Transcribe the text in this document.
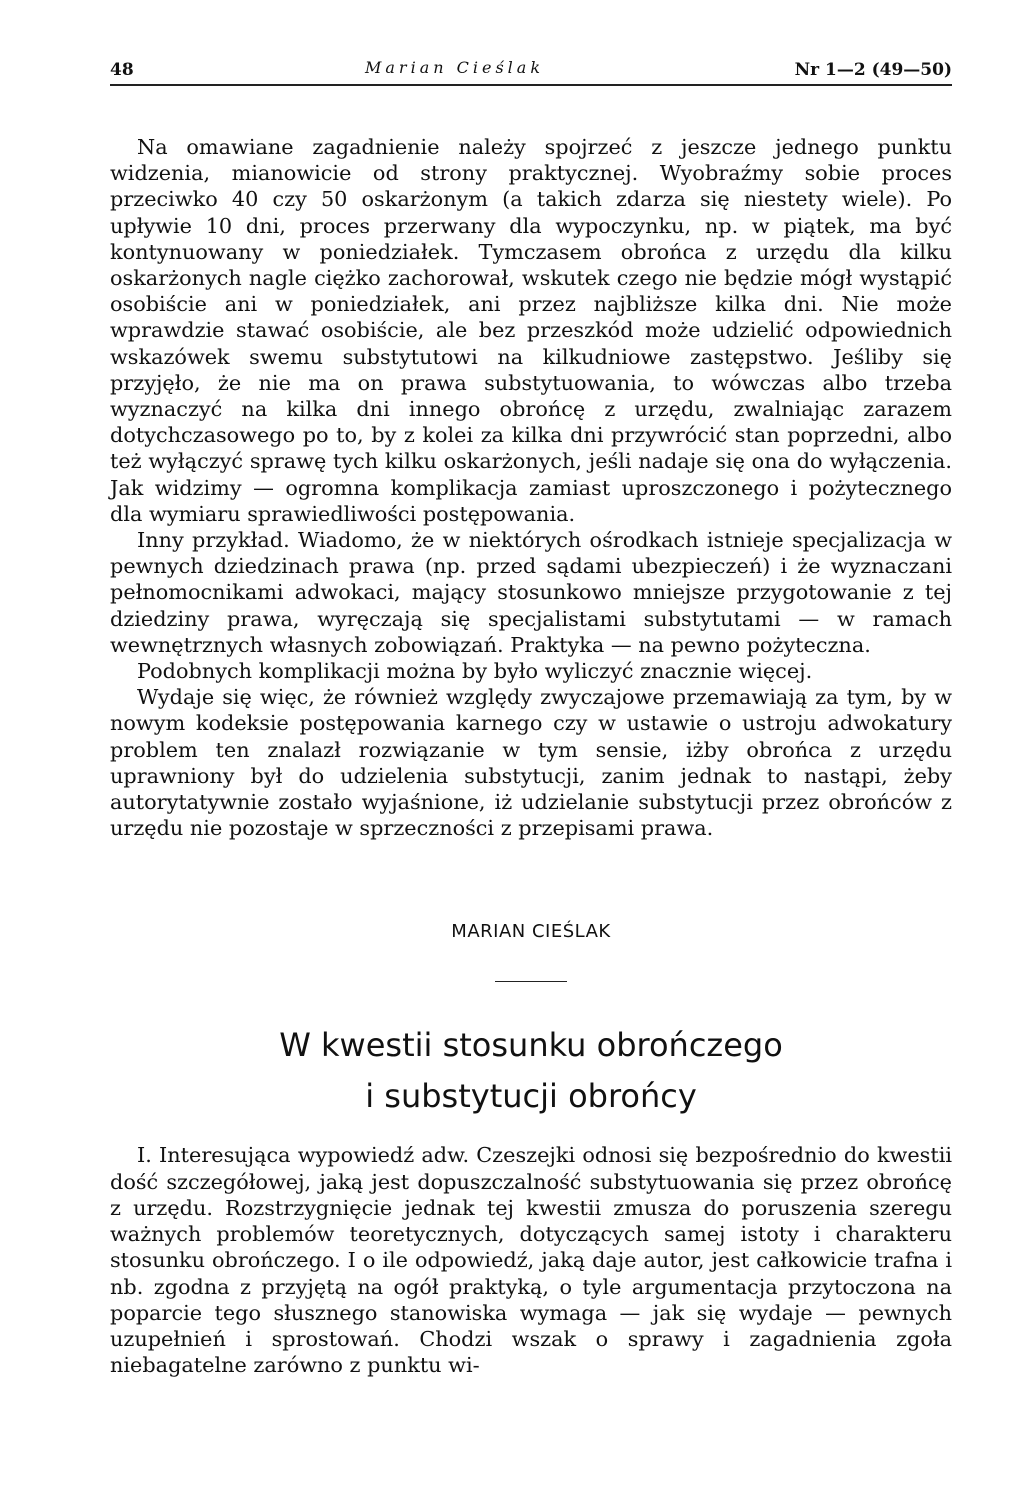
48	Marian Cieślak	Nr 1—2 (49—50)

Na omawiane zagadnienie należy spojrzeć z jeszcze jednego punktu widzenia, mianowicie od strony praktycznej. Wyobraźmy sobie proces przeciwko 40 czy 50 oskarżonym (a takich zdarza się niestety wiele). Po upływie 10 dni, proces przerwany dla wypoczynku, np. w piątek, ma być kontynuowany w poniedziałek. Tymczasem obrońca z urzędu dla kilku oskarżonych nagle ciężko zachorował, wskutek czego nie będzie mógł wystąpić osobiście ani w poniedziałek, ani przez najbliższe kilka dni. Nie może wprawdzie stawać osobiście, ale bez przeszkód może udzielić odpowiednich wskazówek swemu substytutowi na kilkudniowe zastępstwo. Jeśliby się przyjęło, że nie ma on prawa substytuowania, to wówczas albo trzeba wyznaczyć na kilka dni innego obrońcę z urzędu, zwalniając zarazem dotychczasowego po to, by z kolei za kilka dni przywrócić stan poprzedni, albo też wyłączyć sprawę tych kilku oskarżonych, jeśli nadaje się ona do wyłączenia. Jak widzimy — ogromna komplikacja zamiast uproszczonego i pożytecznego dla wymiaru sprawiedliwości postępowania.

Inny przykład. Wiadomo, że w niektórych ośrodkach istnieje specjalizacja w pewnych dziedzinach prawa (np. przed sądami ubezpieczeń) i że wyznaczani pełnomocnikami adwokaci, mający stosunkowo mniejsze przygotowanie z tej dziedziny prawa, wyręczają się specjalistami substytutami — w ramach wewnętrznych własnych zobowiązań. Praktyka — na pewno pożyteczna.

Podobnych komplikacji można by było wyliczyć znacznie więcej.

Wydaje się więc, że również względy zwyczajowe przemawiają za tym, by w nowym kodeksie postępowania karnego czy w ustawie o ustroju adwokatury problem ten znalazł rozwiązanie w tym sensie, iżby obrońca z urzędu uprawniony był do udzielenia substytucji, zanim jednak to nastąpi, żeby autorytatywnie zostało wyjaśnione, iż udzielanie substytucji przez obrońców z urzędu nie pozostaje w sprzeczności z przepisami prawa.

MARIAN CIEŚLAK
W kwestii stosunku obrończego
i substytucji obrońcy

I. Interesująca wypowiedź adw. Czeszejki odnosi się bezpośrednio do kwestii dość szczegółowej, jaką jest dopuszczalność substytuowania się przez obrońcę z urzędu. Rozstrzygnięcie jednak tej kwestii zmusza do poruszenia szeregu ważnych problemów teoretycznych, dotyczących samej istoty i charakteru stosunku obrończego. I o ile odpowiedź, jaką daje autor, jest całkowicie trafna i nb. zgodna z przyjętą na ogół praktyką, o tyle argumentacja przytoczona na poparcie tego słusznego stanowiska wymaga — jak się wydaje — pewnych uzupełnień i sprostowań. Chodzi wszak o sprawy i zagadnienia zgoła niebagatelne zarówno z punktu wi-
